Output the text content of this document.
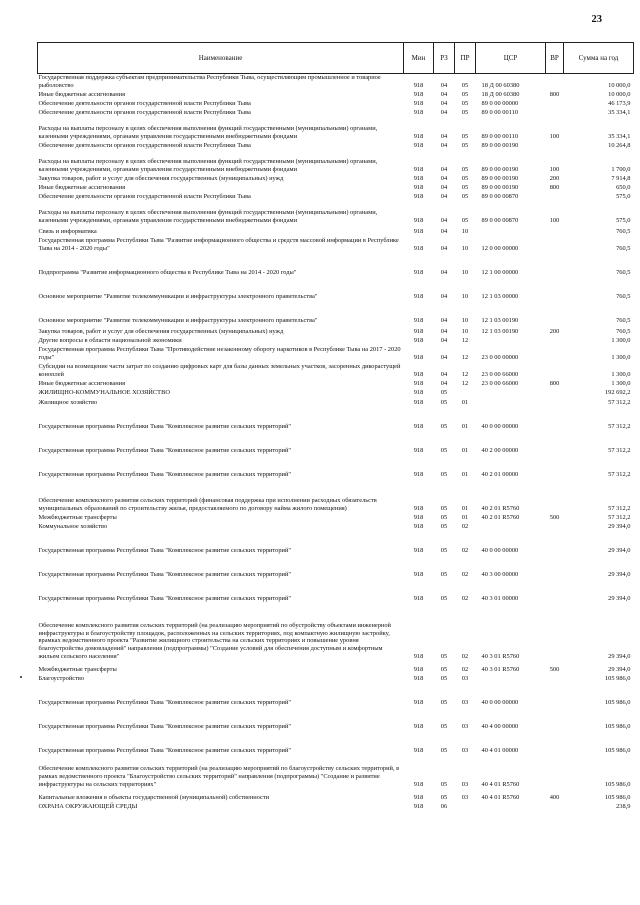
23
Наименование	Мин	РЗ	ПР	ЦСР	ВР	Сумма на год
Государственная поддержка субъектам предпринимательства Республики Тыва, осуществляющим промышленное и товарное рыболовство	918	04	05	18 Д 00 60380		10 000,0
Иные бюджетные ассигнования	918	04	05	18 Д 00 60380	800	10 000,0
Обеспечение деятельности органов государственной власти Республики Тыва	918	04	05	89 0 00 00000		46 173,9
Обеспечение деятельности органов государственной власти Республики Тыва	918	04	05	89 0 00 00110		35 334,1
Расходы на выплаты персоналу в целях обеспечения выполнения функций государственными (муниципальными) органами, казенными учреждениями, органами управления государственными внебюджетными фондами	918	04	05	89 0 00 00110	100	35 334,1
Обеспечение деятельности органов государственной власти Республики Тыва	918	04	05	89 0 00 00190		10 264,8
Расходы на выплаты персоналу в целях обеспечения выполнения функций государственными (муниципальными) органами, казенными учреждениями, органами управления государственными внебюджетными фондами	918	04	05	89 0 00 00190	100	1 700,0
Закупка товаров, работ и услуг для обеспечения государственных (муниципальных) нужд	918	04	05	89 0 00 00190	200	7 914,8
Иные бюджетные ассигнования	918	04	05	89 0 00 00190	800	650,0
Обеспечение деятельности органов государственной власти Республики Тыва	918	04	05	89 0 00 00870		575,0
Расходы на выплаты персоналу в целях обеспечения выполнения функций государственными (муниципальными) органами, казенными учреждениями, органами управления государственными внебюджетными фондами	918	04	05	89 0 00 00870	100	575,0
Связь и информатика	918	04	10			760,5
Государственная программа Республики Тыва "Развитие информационного общества и средств массовой информации в Республике Тыва на 2014 - 2020 годы"	918	04	10	12 0 00 00000		760,5
Подпрограмма "Развитие информационного общества в Республике Тыва на 2014 - 2020 годы"	918	04	10	12 1 00 00000		760,5
Основное мероприятие "Развитие телекоммуникации и инфраструктуры электронного правительства"	918	04	10	12 1 03 00000		760,5
Основное мероприятие "Развитие телекоммуникации и инфраструктуры электронного правительства"	918	04	10	12 1 03 00190		760,5
Закупка товаров, работ и услуг для обеспечения государственных (муниципальных) нужд	918	04	10	12 1 03 00190	200	760,5
Другие вопросы в области национальной экономики	918	04	12			1 300,0
Государственная программа Республики Тыва "Противодействие незаконному обороту наркотиков в Республике Тыва на 2017 - 2020 годы"	918	04	12	23 0 00 00000		1 300,0
Субсидии на возмещение части затрат по созданию цифровых карт для базы данных земельных участков, засоренных дикорастущей коноплей	918	04	12	23 0 00 66000		1 300,0
Иные бюджетные ассигнования	918	04	12	23 0 00 66000	800	1 300,0
ЖИЛИЩНО-КОММУНАЛЬНОЕ ХОЗЯЙСТВО	918	05				192 692,2
Жилищное хозяйство	918	05	01			57 312,2
Государственная программа Республики Тыва "Комплексное развитие сельских территорий"	918	05	01	40 0 00 00000		57 312,2
Государственная программа Республики Тыва "Комплексное развитие сельских территорий"	918	05	01	40 2 00 00000		57 312,2
Государственная программа Республики Тыва "Комплексное развитие сельских территорий"	918	05	01	40 2 01 00000		57 312,2
Обеспечение комплексного развития сельских территорий (финансовая поддержка при исполнении расходных обязательств муниципальных образований по строительству жилья, предоставляемого по договору найма жилого помещения)	918	05	01	40 2 01 R5760		57 312,2
Межбюджетные трансферты	918	05	01	40 2 01 R5760	500	57 312,2
Коммунальное хозяйство	918	05	02			29 394,0
Государственная программа Республики Тыва "Комплексное развитие сельских территорий"	918	05	02	40 0 00 00000		29 394,0
Государственная программа Республики Тыва "Комплексное развитие сельских территорий"	918	05	02	40 3 00 00000		29 394,0
Государственная программа Республики Тыва "Комплексное развитие сельских территорий"	918	05	02	40 3 01 00000		29 394,0
Обеспечение комплексного развития сельских территорий (на реализацию мероприятий по обустройству объектами инженерной инфраструктуры и благоустройству площадок, расположенных на сельских территориях, под компактную жилищную застройку, врамках ведомственного проекта "Развитие жилищного строительства на сельских территориях и повышение уровня благоустройства домовладений" направления (подпрограммы) "Создание условий для обеспечения доступным и комфортным жильем сельского населения"	918	05	02	40 3 01 R5760		29 394,0
Межбюджетные трансферты	918	05	02	40 3 01 R5760	500	29 394,0
Благоустройство	918	05	03			105 986,0
Государственная программа Республики Тыва "Комплексное развитие сельских территорий"	918	05	03	40 0 00 00000		105 986,0
Государственная программа Республики Тыва "Комплексное развитие сельских территорий"	918	05	03	40 4 00 00000		105 986,0
Государственная программа Республики Тыва "Комплексное развитие сельских территорий"	918	05	03	40 4 01 00000		105 986,0
Обеспечение комплексного развития сельских территорий (на реализацию мероприятий по благоустройству сельских территорий, в рамках ведомственного проекта "Благоустройство сельских территорий" направления (подпрограммы) "Создание и развитие инфраструктуры на сельских территориях"	918	05	03	40 4 01 R5760		105 986,0
Капитальные вложения в объекты государственной (муниципальной) собственности	918	05	03	40 4 01 R5760	400	105 986,0
ОХРАНА ОКРУЖАЮЩЕЙ СРЕДЫ	918	06				238,9
